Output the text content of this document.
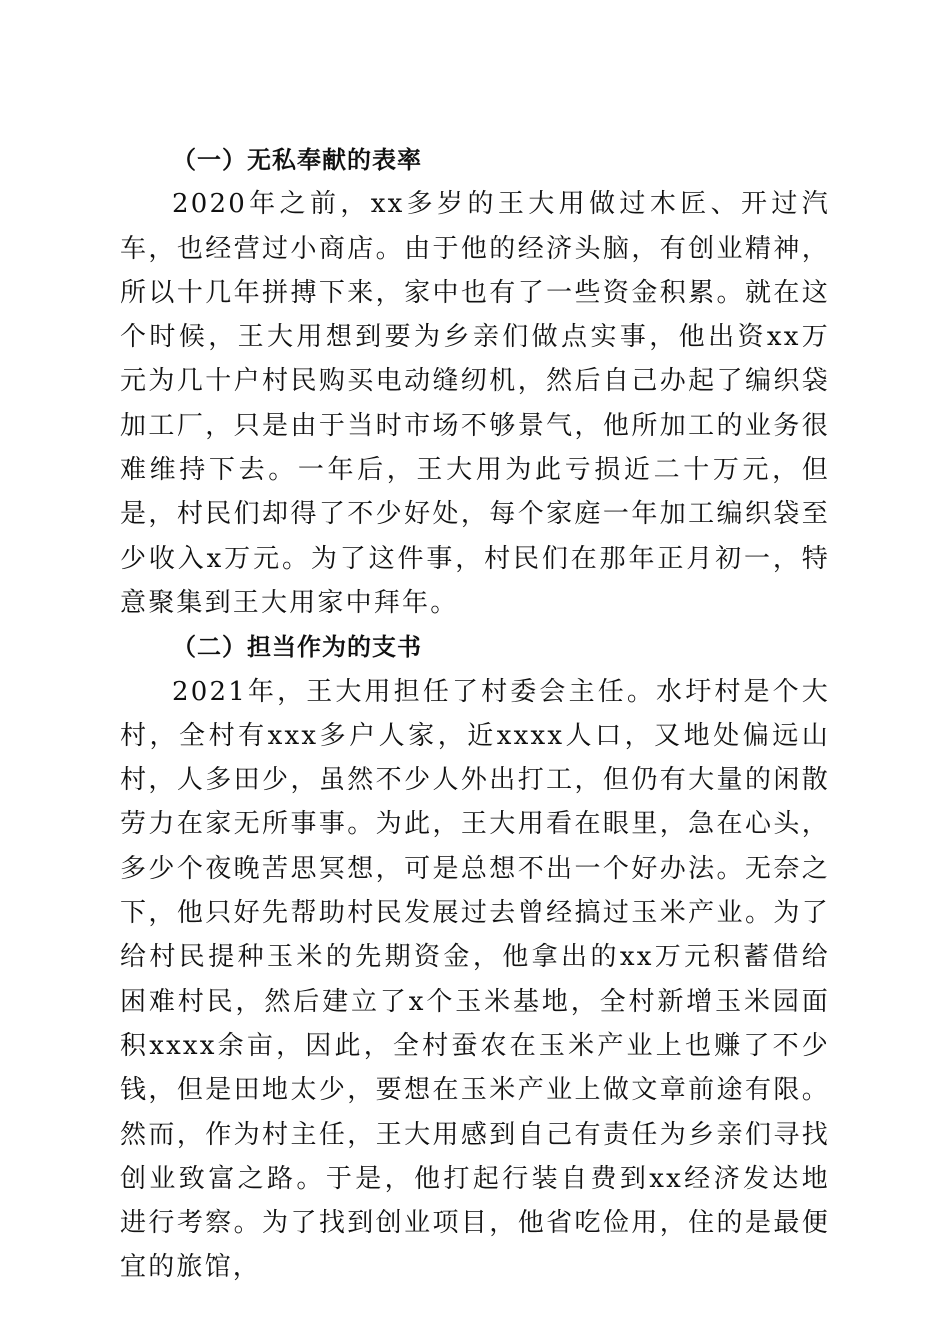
（一）无私奉献的表率

2020年之前，xx多岁的王大用做过木匠、开过汽车，也经营过小商店。由于他的经济头脑，有创业精神，所以十几年拼搏下来，家中也有了一些资金积累。就在这个时候，王大用想到要为乡亲们做点实事，他出资xx万元为几十户村民购买电动缝纫机，然后自己办起了编织袋加工厂，只是由于当时市场不够景气，他所加工的业务很难维持下去。一年后，王大用为此亏损近二十万元，但是，村民们却得了不少好处，每个家庭一年加工编织袋至少收入x万元。为了这件事，村民们在那年正月初一，特意聚集到王大用家中拜年。

（二）担当作为的支书

2021年，王大用担任了村委会主任。水圩村是个大村，全村有xxx多户人家，近xxxx人口，又地处偏远山村，人多田少，虽然不少人外出打工，但仍有大量的闲散劳力在家无所事事。为此，王大用看在眼里，急在心头，多少个夜晚苦思冥想，可是总想不出一个好办法。无奈之下，他只好先帮助村民发展过去曾经搞过玉米产业。为了给村民提种玉米的先期资金，他拿出的xx万元积蓄借给困难村民，然后建立了x个玉米基地，全村新增玉米园面积xxxx余亩，因此，全村蚕农在玉米产业上也赚了不少钱，但是田地太少，要想在玉米产业上做文章前途有限。然而，作为村主任，王大用感到自己有责任为乡亲们寻找创业致富之路。于是，他打起行装自费到xx经济发达地进行考察。为了找到创业项目，他省吃俭用，住的是最便宜的旅馆，
